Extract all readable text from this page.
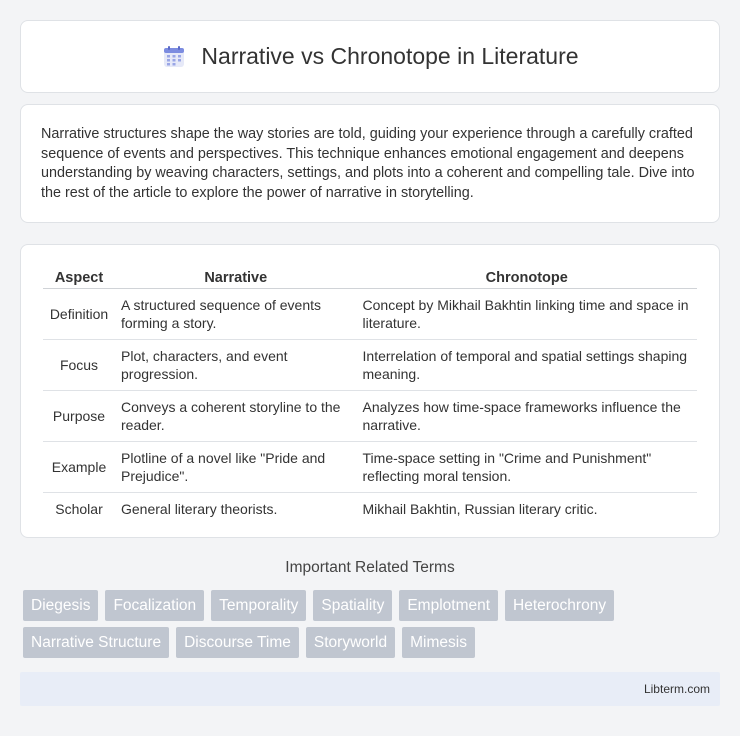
Narrative vs Chronotope in Literature

Narrative structures shape the way stories are told, guiding your experience through a carefully crafted sequence of events and perspectives. This technique enhances emotional engagement and deepens understanding by weaving characters, settings, and plots into a coherent and compelling tale. Dive into the rest of the article to explore the power of narrative in storytelling.

Aspect	Narrative	Chronotope
Definition	A structured sequence of events forming a story.	Concept by Mikhail Bakhtin linking time and space in literature.
Focus	Plot, characters, and event progression.	Interrelation of temporal and spatial settings shaping meaning.
Purpose	Conveys a coherent storyline to the reader.	Analyzes how time-space frameworks influence the narrative.
Example	Plotline of a novel like "Pride and Prejudice".	Time-space setting in "Crime and Punishment" reflecting moral tension.
Scholar	General literary theorists.	Mikhail Bakhtin, Russian literary critic.
Important Related Terms
Diegesis	Focalization	Temporality	Spatiality	Emplotment	Heterochrony
Narrative Structure	Discourse Time	Storyworld	Mimesis
Libterm.com
